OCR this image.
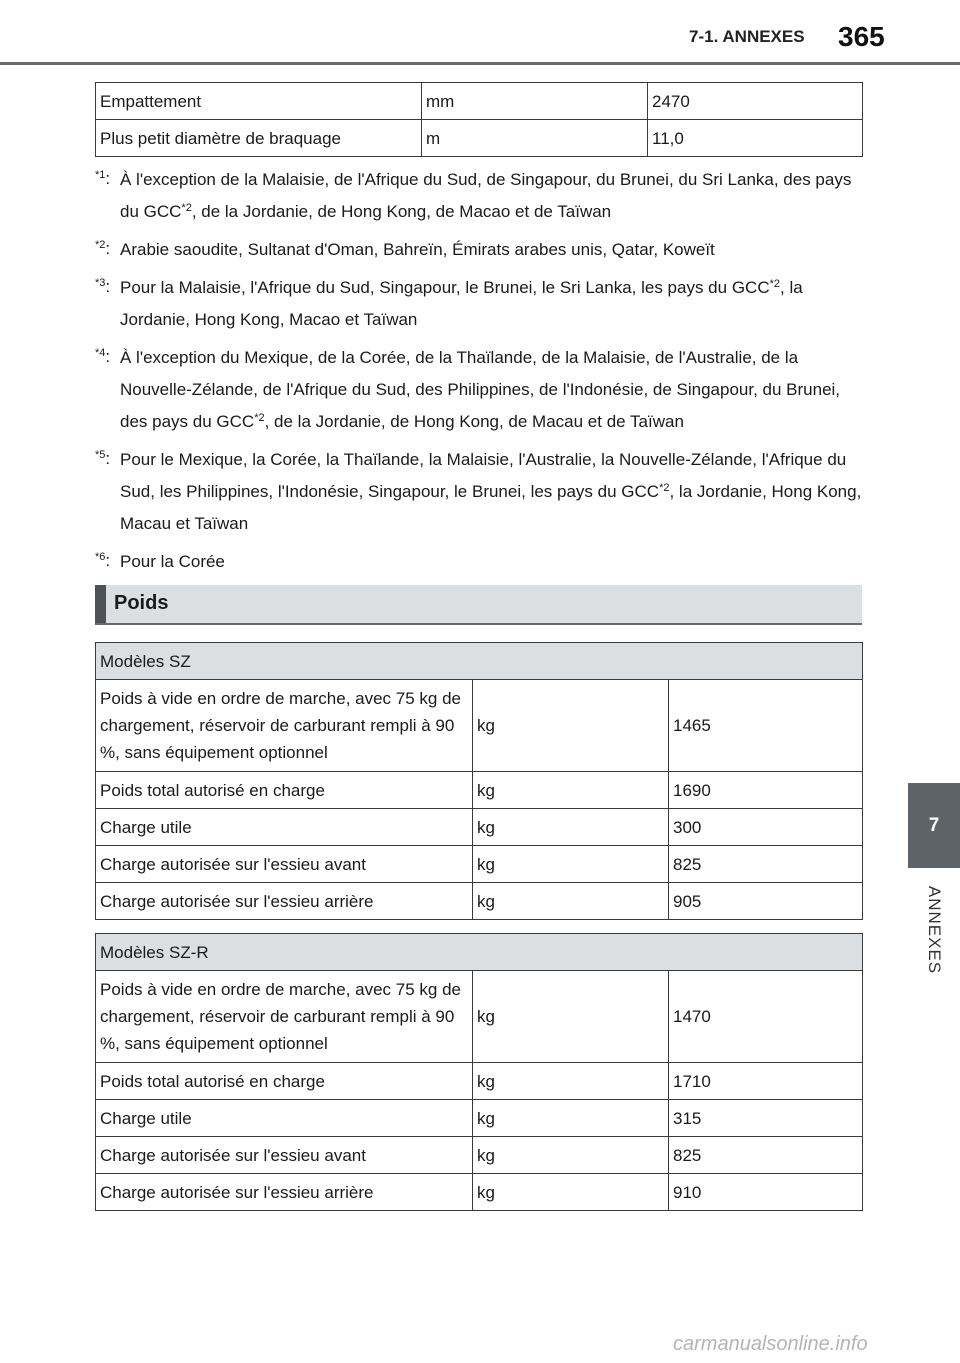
7-1. ANNEXES 365
7
ANNEXES
Empattement	mm	2470
Plus petit diamètre de braquage	m	11,0
$^{*1}$: À l'exception de la Malaisie, de l'Afrique du Sud, de Singapour, du Brunei, du Sri Lanka, des pays du GCC$^{*2}$, de la Jordanie, de Hong Kong, de Macao et de Taïwan
$^{*2}$: Arabie saoudite, Sultanat d'Oman, Bahreïn, Émirats arabes unis, Qatar, Koweït
$^{*3}$: Pour la Malaisie, l'Afrique du Sud, Singapour, le Brunei, le Sri Lanka, les pays du GCC$^{*2}$, la Jordanie, Hong Kong, Macao et Taïwan
$^{*4}$: À l'exception du Mexique, de la Corée, de la Thaïlande, de la Malaisie, de l'Australie, de la Nouvelle-Zélande, de l'Afrique du Sud, des Philippines, de l'Indonésie, de Singapour, du Brunei, des pays du GCC$^{*2}$, de la Jordanie, de Hong Kong, de Macau et de Taïwan
$^{*5}$: Pour le Mexique, la Corée, la Thaïlande, la Malaisie, l'Australie, la Nouvelle-Zélande, l'Afrique du Sud, les Philippines, l'Indonésie, Singapour, le Brunei, les pays du GCC$^{*2}$, la Jordanie, Hong Kong, Macau et Taïwan
$^{*6}$: Pour la Corée
Poids
Modèles SZ		
Poids à vide en ordre de marche, avec 75 kg de chargement, réservoir de carburant rempli à 90 %, sans équipement optionnel	kg	1465
Poids total autorisé en charge	kg	1690
Charge utile	kg	300
Charge autorisée sur l'essieu avant	kg	825
Charge autorisée sur l'essieu arrière	kg	905
Modèles SZ-R		
Poids à vide en ordre de marche, avec 75 kg de chargement, réservoir de carburant rempli à 90 %, sans équipement optionnel	kg	1470
Poids total autorisé en charge	kg	1710
Charge utile	kg	315
Charge autorisée sur l'essieu avant	kg	825
Charge autorisée sur l'essieu arrière	kg	910
carmanualsonline.info
